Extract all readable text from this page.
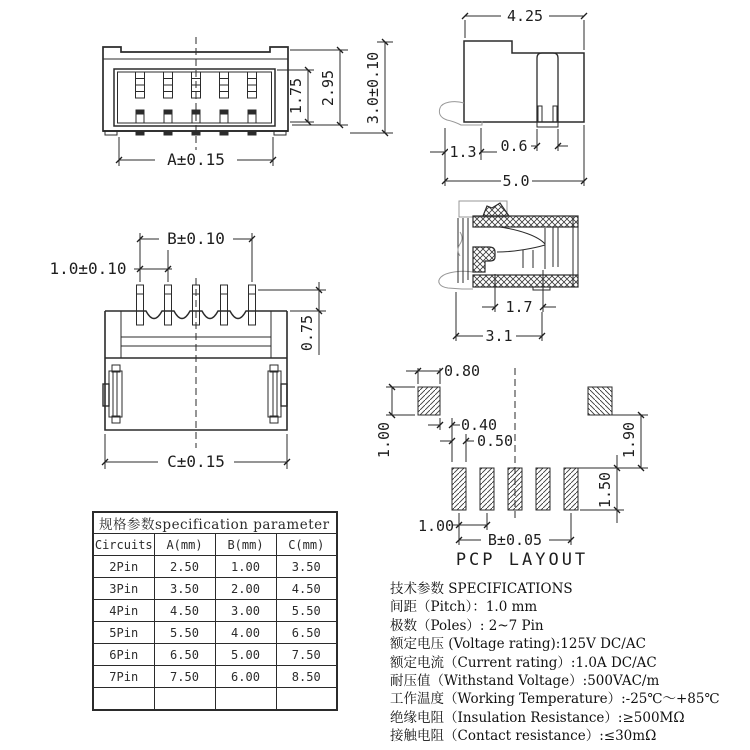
A±0.15
1.75 2.95 3.0±0.10
4.25
1.3 0.6
5.0
B±0.10
1.0±0.10
0.75
C±0.15
1.7
3.1
0.80
1.00	0.40
0.50	1.90
1.50
1.00
B±0.05
PCP LAYOUT
规格参数specification parameter			
Circuits	A(mm)	B(mm)	C(mm)
2Pin	2.50	1.00	3.50
3Pin	3.50	2.00	4.50
4Pin	4.50	3.00	5.50
5Pin	5.50	4.00	6.50
6Pin	6.50	5.00	7.50
7Pin	7.50	6.00	8.50

技术参数 SPECIFICATIONS
间距（Pitch）：1.0 mm
极数（Poles）: 2~7 Pin
额定电压 (Voltage rating):125V DC/AC
额定电流（Current rating）:1.0A DC/AC
耐压值（Withstand Voltage）:500VAC/m
工作温度（Working Temperature）:-25℃～+85℃
绝缘电阻（Insulation Resistance）:≥500MΩ
接触电阻（Contact resistance）:≤30mΩ
